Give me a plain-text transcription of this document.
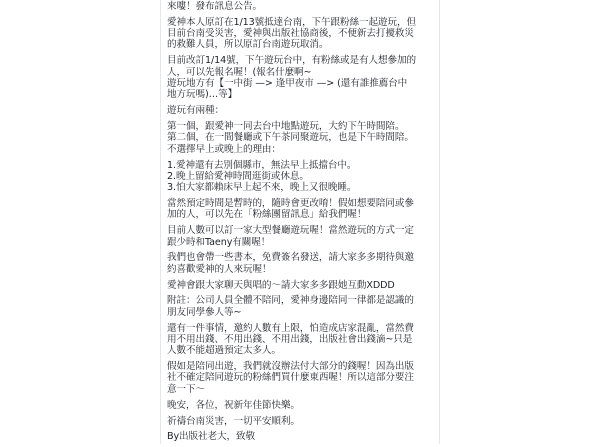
來嘍！發布訊息公告。
愛神本人原訂在1/13號抵達台南，下午跟粉絲一起遊玩，但
目前台南受災害，愛神與出版社協商後，不便新去打擾救災
的救難人員，所以原訂台南遊玩取消。
目前改訂1/14號，下午遊玩台中，有粉絲或是有人想參加的
人，可以先報名喔！(報名什麼啊~
遊玩地方有【一中街 —> 逢甲夜市 —> (還有誰推薦台中
地方玩嗎)…等】
遊玩有兩種：
第一個，跟愛神一同去台中地點遊玩，大約下午時間陪。
第二個，在一間餐廳或下午茶同聚遊玩，也是下午時間陪。
不選擇早上或晚上的理由：
1.愛神還有去別個縣市，無法早上抵擋台中。
2.晚上留給愛神時間逛街或休息。
3.怕大家都賴床早上起不來，晚上又很晚睡。
當然預定時間是暫時的，隨時會更改唷！假如想要陪同或參
加的人，可以先在「粉絲團留訊息」給我們喔！
目前人數可以訂一家大型餐廳遊玩喔！當然遊玩的方式一定
跟少時和Taeny有關喔！
我們也會帶一些書本，免費簽名發送，請大家多多期待與邀
約喜歡愛神的人來玩喔！
愛神會跟大家聊天與唱的～請大家多多跟她互動XDDD
附註：公司人員全體不陪同，愛神身邊陪同一律都是認識的
朋友同學參人等~
還有一件事情，邀約人數有上限，怕造成店家混亂，當然費
用不用出錢、不用出錢、不用出錢，出版社會出錢滴~只是
人數不能超過預定太多人。
假如是陪同出遊，我們就沒辦法付大部分的錢喔！因為出版
社不確定陪同遊玩的粉絲們買什麼東西喔！所以這部分要注
意一下～
晚安，各位，祝新年佳節快樂。
祈禱台南災害，一切平安順利。
By出版社老大，致敬
